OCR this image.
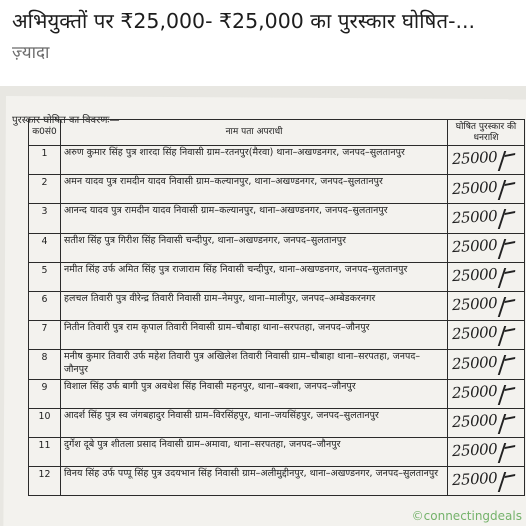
अभियुक्तों पर ₹25,000- ₹25,000 का पुरस्कार घोषित-...
ज़्यादा
पुरस्कार घोषित का विवरणः—
क0सं0	नाम पता अपराधी	घोषित पुरस्कार की धनराशि
1	अरुण कुमार सिंह पुत्र शारदा सिंह निवासी ग्राम–रतनपुर(मैरवा) थाना–अखण्डनगर, जनपद–सुलतानपुर	25000

2	अमन यादव पुत्र रामदीन यादव निवासी ग्राम–कल्यानपुर, थाना–अखण्डनगर, जनपद–सुलतानपुर	25000

3	आनन्द यादव पुत्र रामदीन यादव निवासी ग्राम–कल्यानपुर, थाना–अखण्डनगर, जनपद–सुलतानपुर	25000

4	सतीश सिंह पुत्र गिरीश सिंह निवासी चन्दीपुर, थाना–अखण्डनगर, जनपद–सुलतानपुर	25000

5	नमीत सिंह उर्फ अमित सिंह पुत्र राजाराम सिंह निवासी चन्दीपुर, थाना–अखण्डनगर, जनपद–सुलतानपुर	25000

6	हलचल तिवारी पुत्र वीरेन्द्र तिवारी निवासी ग्राम–नेमपुर, थाना–मालीपुर, जनपद–अम्बेडकरनगर	25000

7	नितीन तिवारी पुत्र राम कृपाल तिवारी निवासी ग्राम–चौबाहा थाना–सरपतहा, जनपद–जौनपुर	25000

8	मनीष कुमार तिवारी उर्फ महेश तिवारी पुत्र अखिलेश तिवारी निवासी ग्राम–चौबाहा थाना–सरपतहा, जनपद–जौनपुर	25000

9	विशाल सिंह उर्फ बागी पुत्र अवधेश सिंह निवासी महनपुर, थाना–बक्शा, जनपद–जौनपुर	25000

10	आदर्श सिंह पुत्र स्व जंगबहादुर निवासी ग्राम–विरसिंहपुर, थाना–जयसिंहपुर, जनपद–सुलतानपुर	25000

11	दुर्गेश दूबे पुत्र शीतला प्रसाद निवासी ग्राम–अमावा, थाना–सरपतहा, जनपद–जौनपुर	25000

12	विनय सिंह उर्फ पप्पू सिंह पुत्र उदयभान सिंह निवासी ग्राम–अलीमुद्दीनपुर, थाना–अखण्डनगर, जनपद–सुलतानपुर	25000
©connectingdeals
